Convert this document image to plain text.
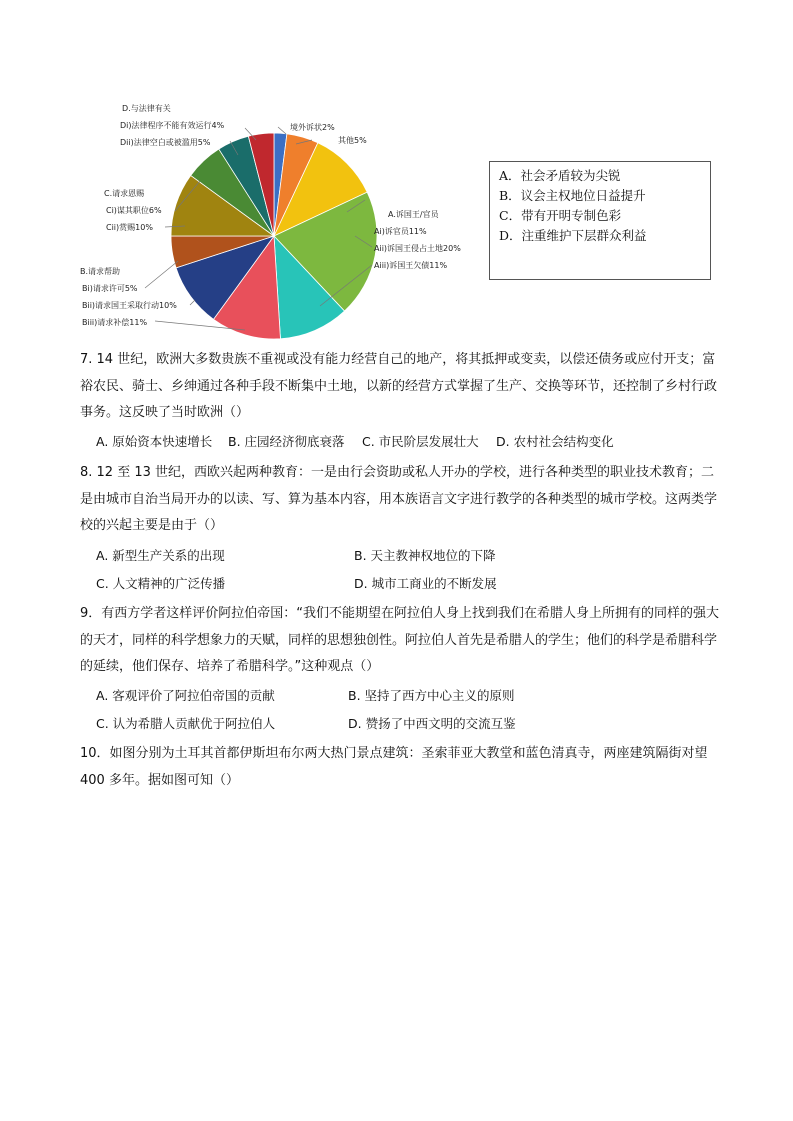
D.与法律有关
Di)法律程序不能有效运行4%
Dii)法律空白或被滥用5%
C.请求恩赐
Ci)谋其职位6%
Cii)赏赐10%
B.请求帮助
Bi)请求许可5%
Bii)请求国王采取行动10%
Biii)请求补偿11%
境外诉状2%
其他5%
A.诉国王/官员
Ai)诉官员11%
Aii)诉国王侵占土地20%
Aiii)诉国王欠债11%
A．社会矛盾较为尖锐
B．议会主权地位日益提升
C．带有开明专制色彩
D．注重维护下层群众利益

7. 14 世纪，欧洲大多数贵族不重视或没有能力经营自己的地产，将其抵押或变卖，以偿还债务或应付开支；富裕农民、骑士、乡绅通过各种手段不断集中土地，以新的经营方式掌握了生产、交换等环节，还控制了乡村行政事务。这反映了当时欧洲（）

A. 原始资本快速增长 B. 庄园经济彻底衰落 C. 市民阶层发展壮大 D. 农村社会结构变化

8. 12 至 13 世纪，西欧兴起两种教育：一是由行会资助或私人开办的学校，进行各种类型的职业技术教育；二是由城市自治当局开办的以读、写、算为基本内容，用本族语言文字进行教学的各种类型的城市学校。这两类学校的兴起主要是由于（）

A. 新型生产关系的出现	B. 天主教神权地位的下降
C. 人文精神的广泛传播	D. 城市工商业的不断发展

9．有西方学者这样评价阿拉伯帝国：“我们不能期望在阿拉伯人身上找到我们在希腊人身上所拥有的同样的强大的天才，同样的科学想象力的天赋，同样的思想独创性。阿拉伯人首先是希腊人的学生；他们的科学是希腊科学的延续，他们保存、培养了希腊科学。”这种观点（）

A. 客观评价了阿拉伯帝国的贡献	B. 坚持了西方中心主义的原则
C. 认为希腊人贡献优于阿拉伯人	D. 赞扬了中西文明的交流互鉴

10．如图分别为土耳其首都伊斯坦布尔两大热门景点建筑：圣索菲亚大教堂和蓝色清真寺，两座建筑隔街对望 400 多年。据如图可知（）
